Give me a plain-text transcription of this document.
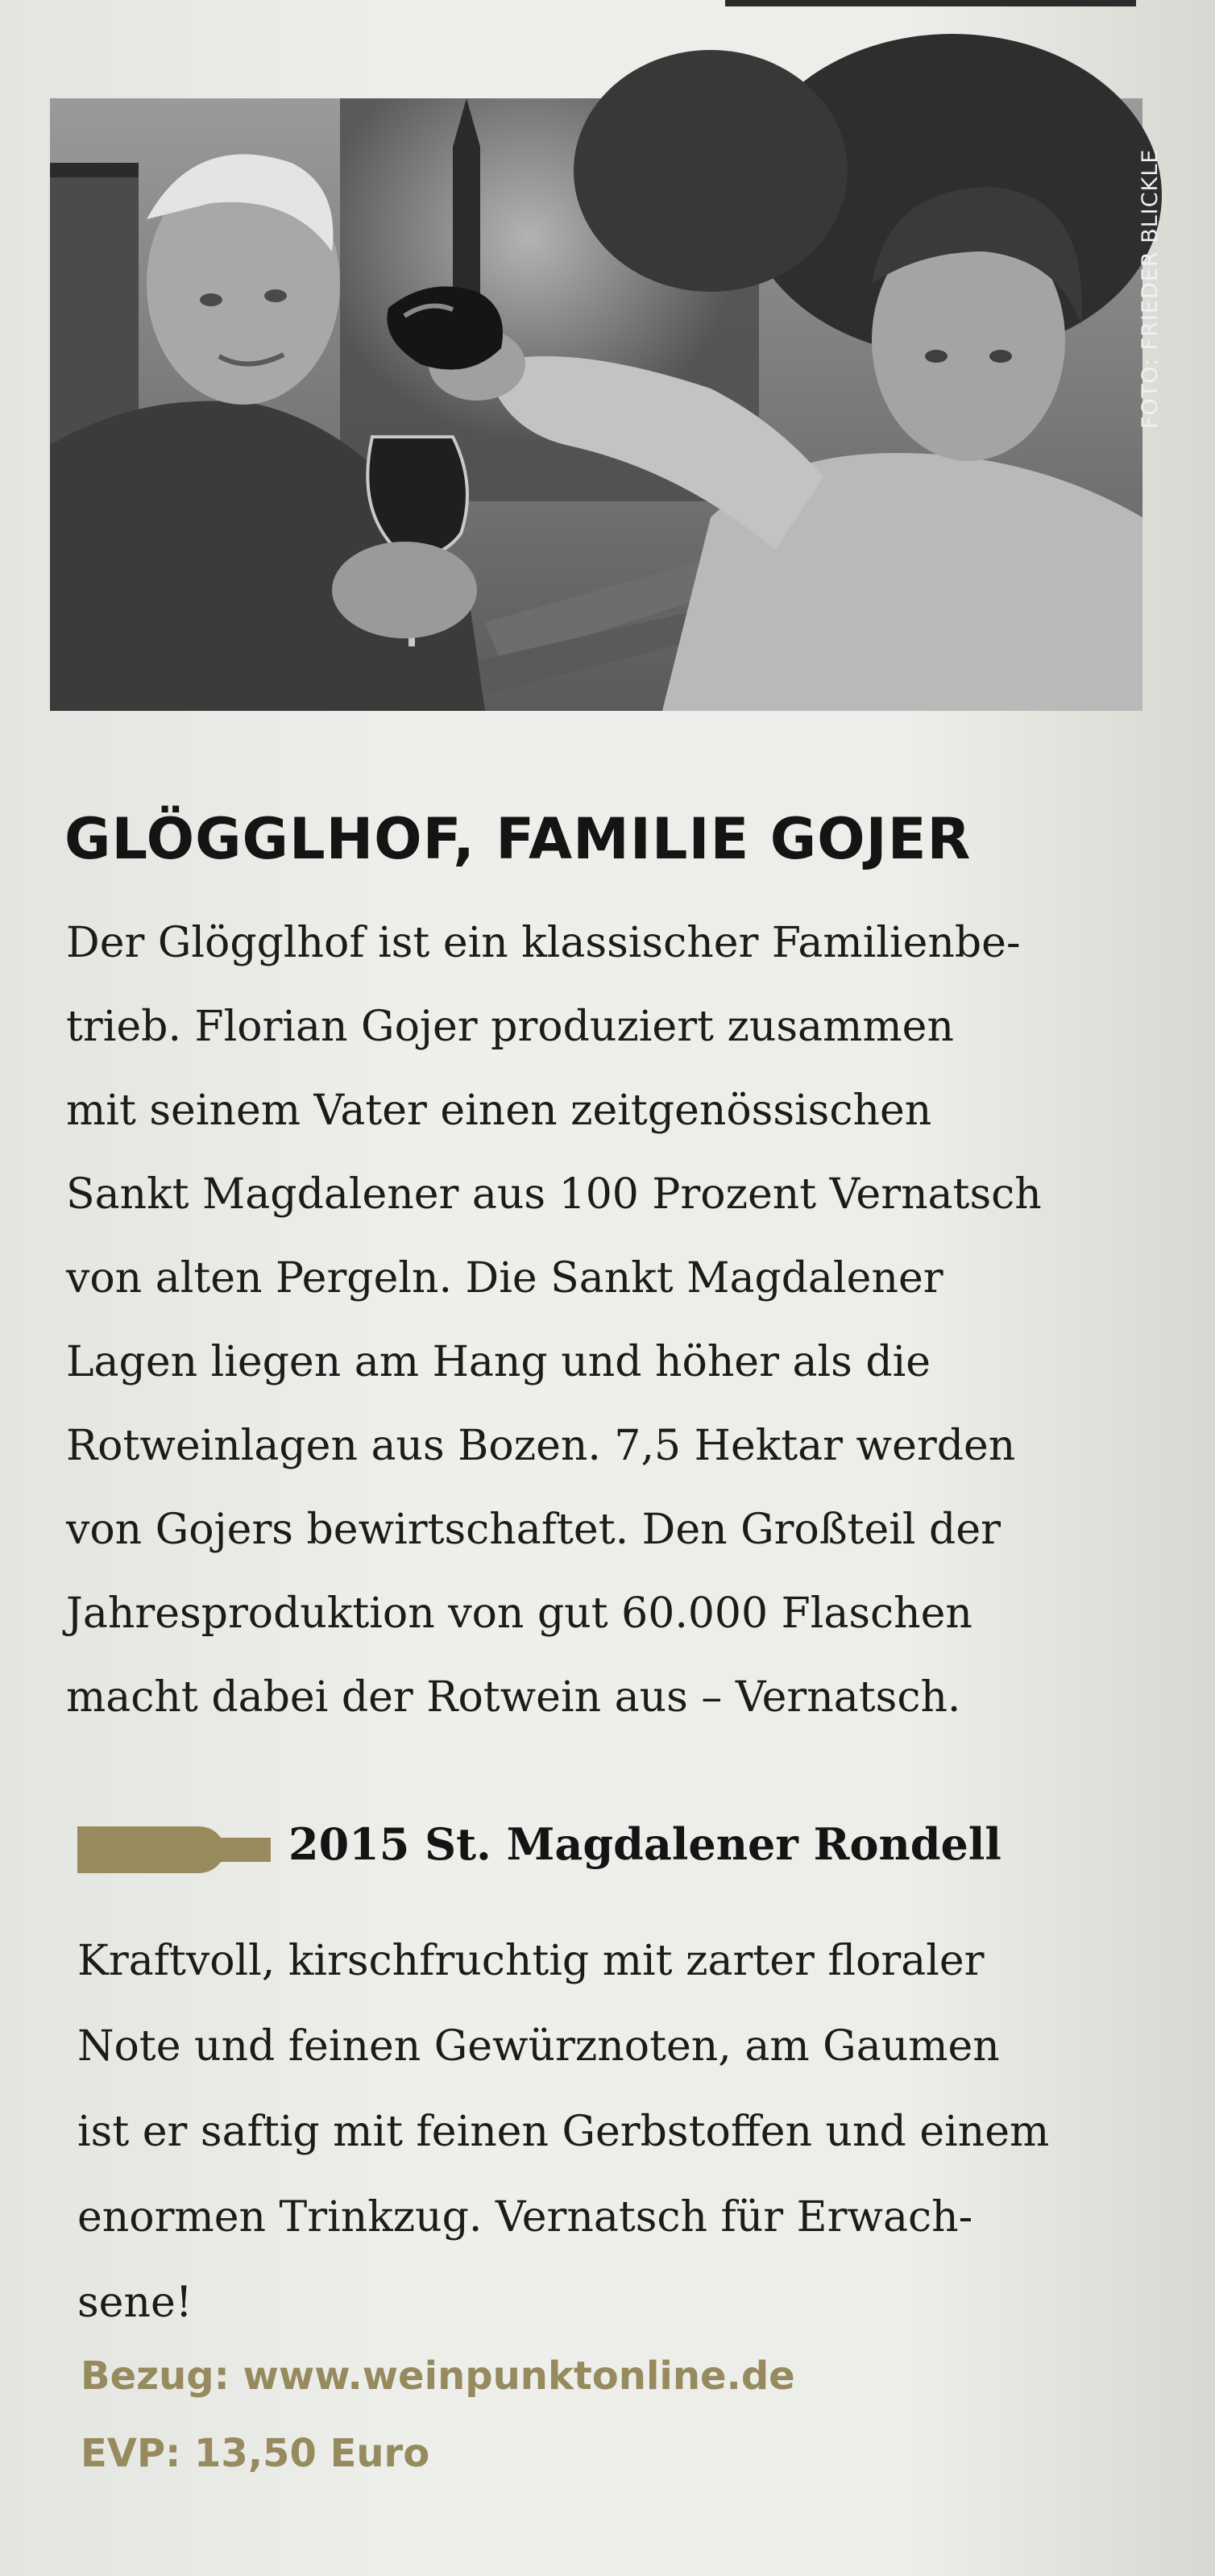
FOTO: FRIEDER BLICKLE
GLÖGGLHOF, FAMILIE GOJER
Der Glögglhof ist ein klassischer Familienbe-
trieb. Florian Gojer produziert zusammen
mit seinem Vater einen zeitgenössischen
Sankt Magdalener aus 100 Prozent Vernatsch
von alten Pergeln. Die Sankt Magdalener
Lagen liegen am Hang und höher als die
Rotweinlagen aus Bozen. 7,5 Hektar werden
von Gojers bewirtschaftet. Den Großteil der
Jahresproduktion von gut 60.000 Flaschen
macht dabei der Rotwein aus – Vernatsch.
2015 St. Magdalener Rondell
Kraftvoll, kirschfruchtig mit zarter floraler
Note und feinen Gewürznoten, am Gaumen
ist er saftig mit feinen Gerbstoffen und einem
enormen Trinkzug. Vernatsch für Erwach-
sene!
Bezug: www.weinpunktonline.de
EVP: 13,50 Euro
